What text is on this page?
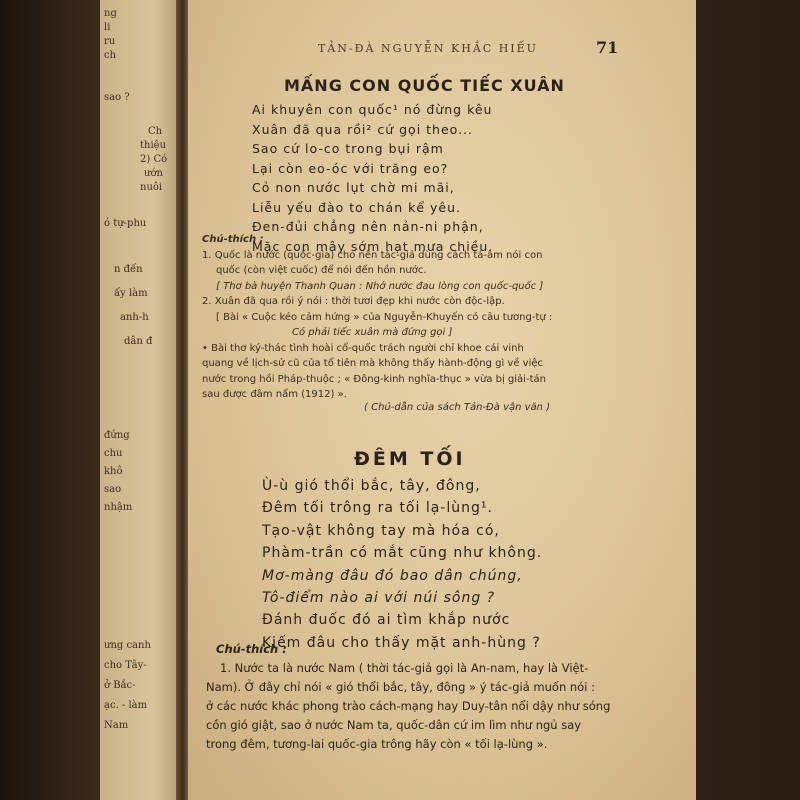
ng
li
ru
ch
sao ?
Ch
thiệu
2) Có
ướn
nuôi
ó tự-phu
n đến
ấy làm
anh-h
dân đ
đứng
chu
khô
sao
nhậm
ưng canh
cho Tây-
ở Bắc-
ạc. - làm
Nam
TẢN-ĐÀ NGUYỄN KHẮC HIẾU	71
MẤNG CON QUỐC TIẾC XUÂN
Ai khuyên con quốc¹ nó đừng kêu
Xuân đã qua rồi² cứ gọi theo...
Sao cứ lo-co trong bụi rậm
Lại còn eo-óc với trăng eo?
Cỏ non nước lụt chờ mi mãi,
Liễu yếu đào to chán kể yêu.
Đen-đủi chẳng nên nản-ni phận,
Mặc con mây sớm hạt mưa chiều.
Chú-thích :
1. Quốc là nước (quốc-gia) cho nên tác-giả dùng cách tá-âm nói con
quốc (còn việt cuốc) để nói đến hồn nước.
[ Thơ bà huyện Thanh Quan : Nhớ nước đau lòng con quốc-quốc ]
2. Xuân đã qua rồi ý nói : thời tươi đẹp khi nước còn độc-lập.
[ Bài « Cuộc kéo cảm hứng » của Nguyễn-Khuyến có câu tương-tự :
Có phải tiếc xuân mà đứng gọi ]
• Bài thơ ký-thác tình hoài cổ-quốc trách người chỉ khoe cái vinh
quang về lịch-sử cũ của tổ tiên mà không thấy hành-động gì về việc
nước trong hồi Pháp-thuộc ; « Đông-kinh nghĩa-thục » vừa bị giải-tán
sau được đâm nẩm (1912) ».
( Chủ-dẫn của sách Tản-Đà vận văn )
ĐÊM TỐI
Ù-ù gió thổi bắc, tây, đông,
Đêm tối trông ra tối lạ-lùng¹.
Tạo-vật không tay mà hóa có,
Phàm-trần có mắt cũng như không.
Mơ-màng đâu đó bao dân chúng,
Tô-điểm nào ai với núi sông ?
Đánh đuốc đó ai tìm khắp nước
Kiếm đâu cho thấy mặt anh-hùng ?
Chú-thích :
1. Nước ta là nước Nam ( thời tác-giả gọi là An-nam, hay là Việt-
Nam). Ở đây chỉ nói « gió thổi bắc, tây, đông » ý tác-giả muốn nói :
ở các nước khác phong trào cách-mạng hay Duy-tân nổi dậy như sóng
cồn gió giật, sao ở nước Nam ta, quốc-dân cứ im lìm như ngủ say
trong đêm, tương-lai quốc-gia trông hãy còn « tối lạ-lùng ».
